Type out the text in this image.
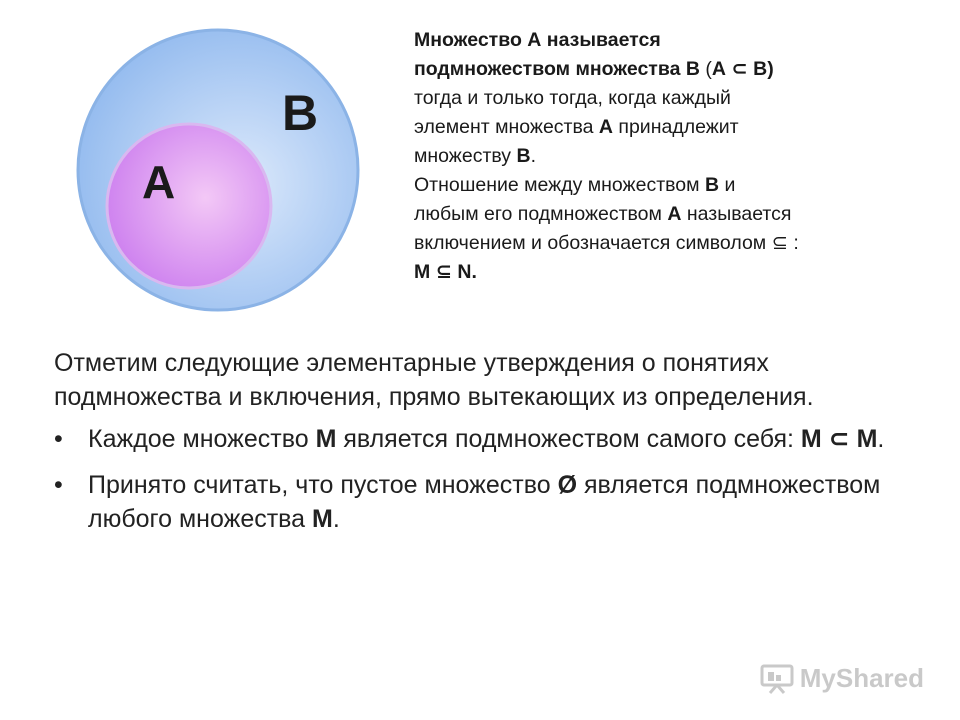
B
A
Множество А называется
подмножеством множества В (А ⊂ В)
тогда и только тогда, когда каждый
элемент множества А принадлежит
множеству В.
Отношение между множеством В и
любым его подмножеством А называется
включением и обозначается символом ⊆ :
М ⊆ N.

Отметим следующие элементарные утверждения о понятиях подмножества и включения, прямо вытекающих из определения.

• Каждое множество М является подмножеством самого себя: М ⊂ М.
• Принято считать, что пустое множество Ø является подмножеством любого множества М.
MyShared
